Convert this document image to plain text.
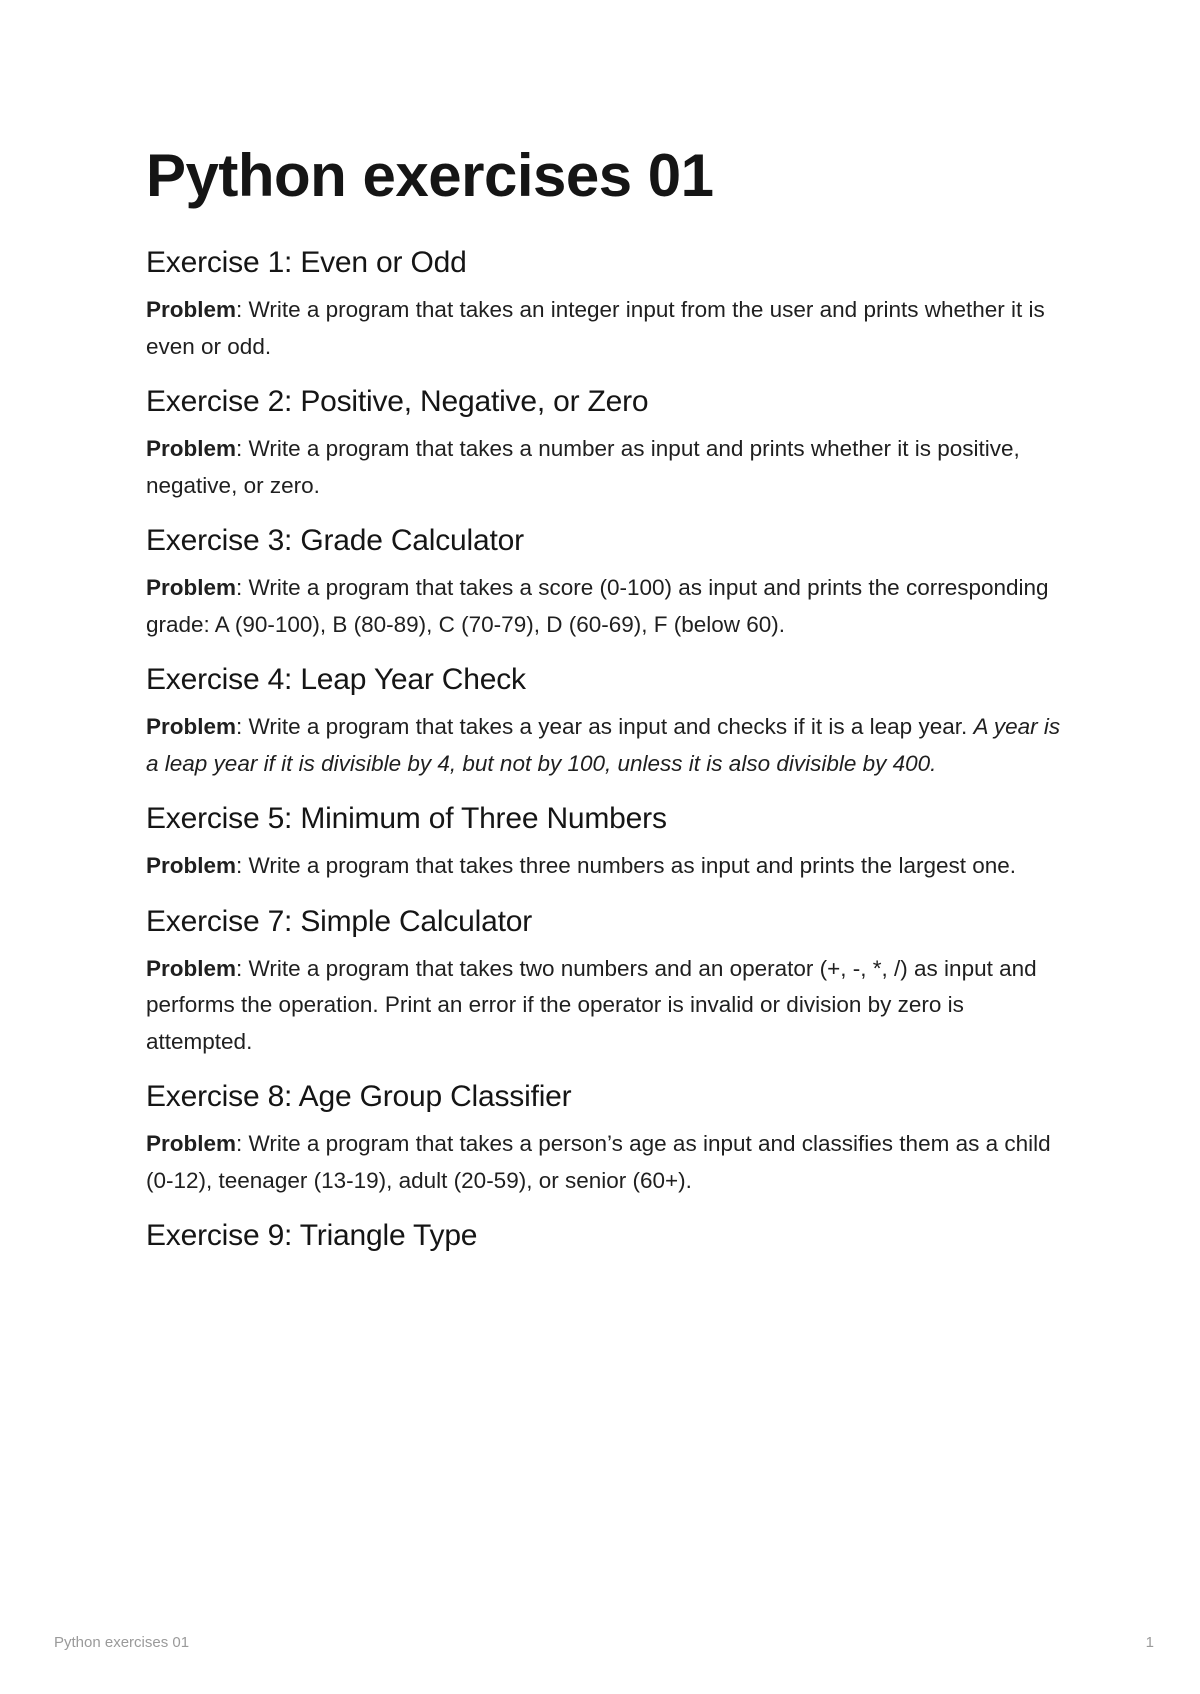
Python exercises 01
Exercise 1: Even or Odd

Problem: Write a program that takes an integer input from the user and prints whether it is even or odd.

Exercise 2: Positive, Negative, or Zero

Problem: Write a program that takes a number as input and prints whether it is positive, negative, or zero.

Exercise 3: Grade Calculator

Problem: Write a program that takes a score (0-100) as input and prints the corresponding grade: A (90-100), B (80-89), C (70-79), D (60-69), F (below 60).

Exercise 4: Leap Year Check

Problem: Write a program that takes a year as input and checks if it is a leap year. A year is a leap year if it is divisible by 4, but not by 100, unless it is also divisible by 400.

Exercise 5: Minimum of Three Numbers

Problem: Write a program that takes three numbers as input and prints the largest one.

Exercise 7: Simple Calculator

Problem: Write a program that takes two numbers and an operator (+, -, *, /) as input and performs the operation. Print an error if the operator is invalid or division by zero is attempted.

Exercise 8: Age Group Classifier

Problem: Write a program that takes a person’s age as input and classifies them as a child (0-12), teenager (13-19), adult (20-59), or senior (60+).

Exercise 9: Triangle Type
Python exercises 01	1
